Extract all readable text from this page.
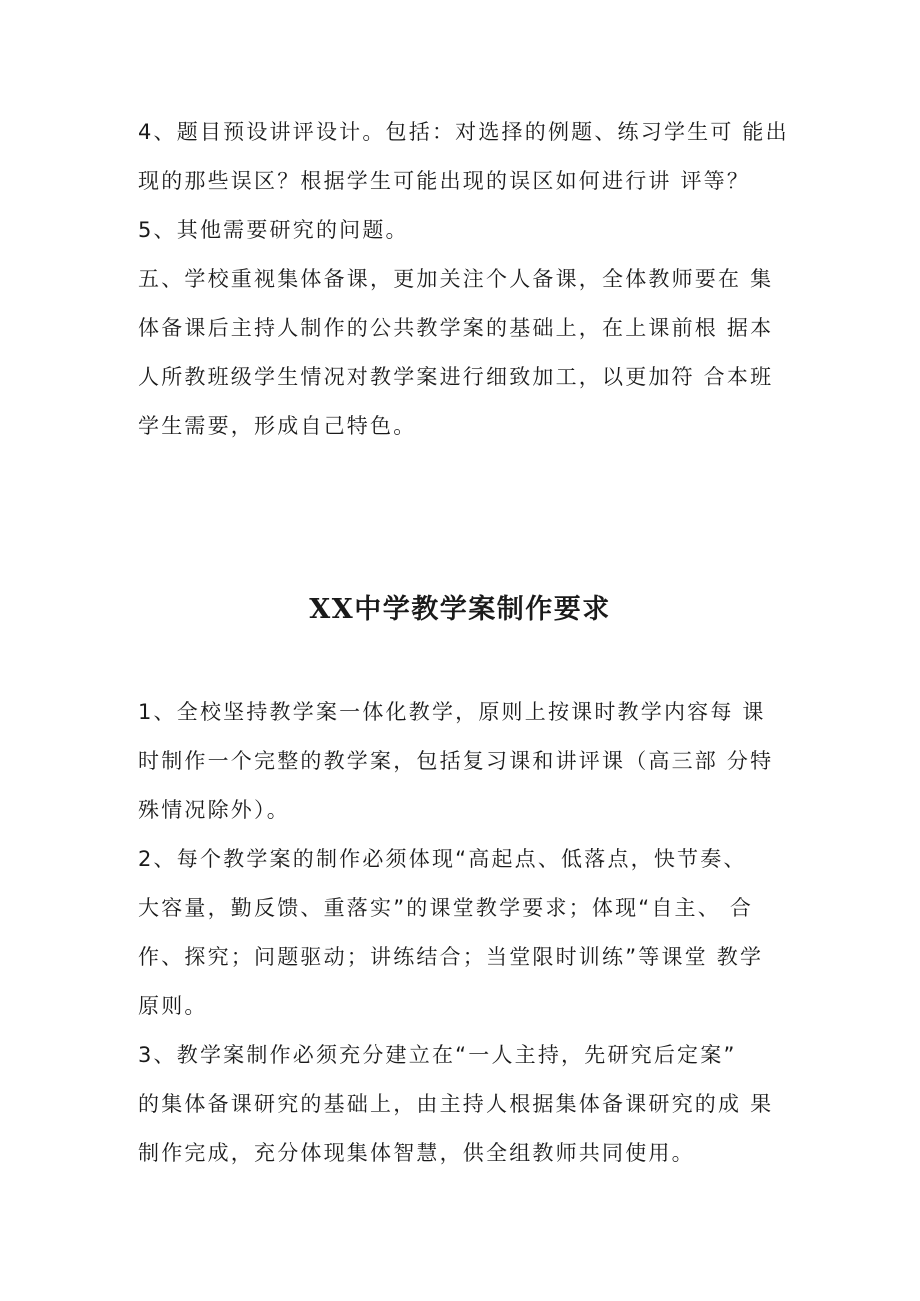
4、题目预设讲评设计。包括：对选择的例题、练习学生可 能出
现的那些误区？根据学生可能出现的误区如何进行讲 评等？

5、其他需要研究的问题。

五、学校重视集体备课，更加关注个人备课，全体教师要在 集
体备课后主持人制作的公共教学案的基础上，在上课前根 据本
人所教班级学生情况对教学案进行细致加工，以更加符 合本班
学生需要，形成自己特色。

XX中学教学案制作要求

1、全校坚持教学案一体化教学，原则上按课时教学内容每 课
时制作一个完整的教学案，包括复习课和讲评课（高三部 分特
殊情况除外）。

2、每个教学案的制作必须体现“高起点、低落点，快节奏、
大容量，勤反馈、重落实”的课堂教学要求；体现“自主、 合
作、探究；问题驱动；讲练结合；当堂限时训练”等课堂 教学
原则。

3、教学案制作必须充分建立在“一人主持，先研究后定案”
的集体备课研究的基础上，由主持人根据集体备课研究的成 果
制作完成，充分体现集体智慧，供全组教师共同使用。
